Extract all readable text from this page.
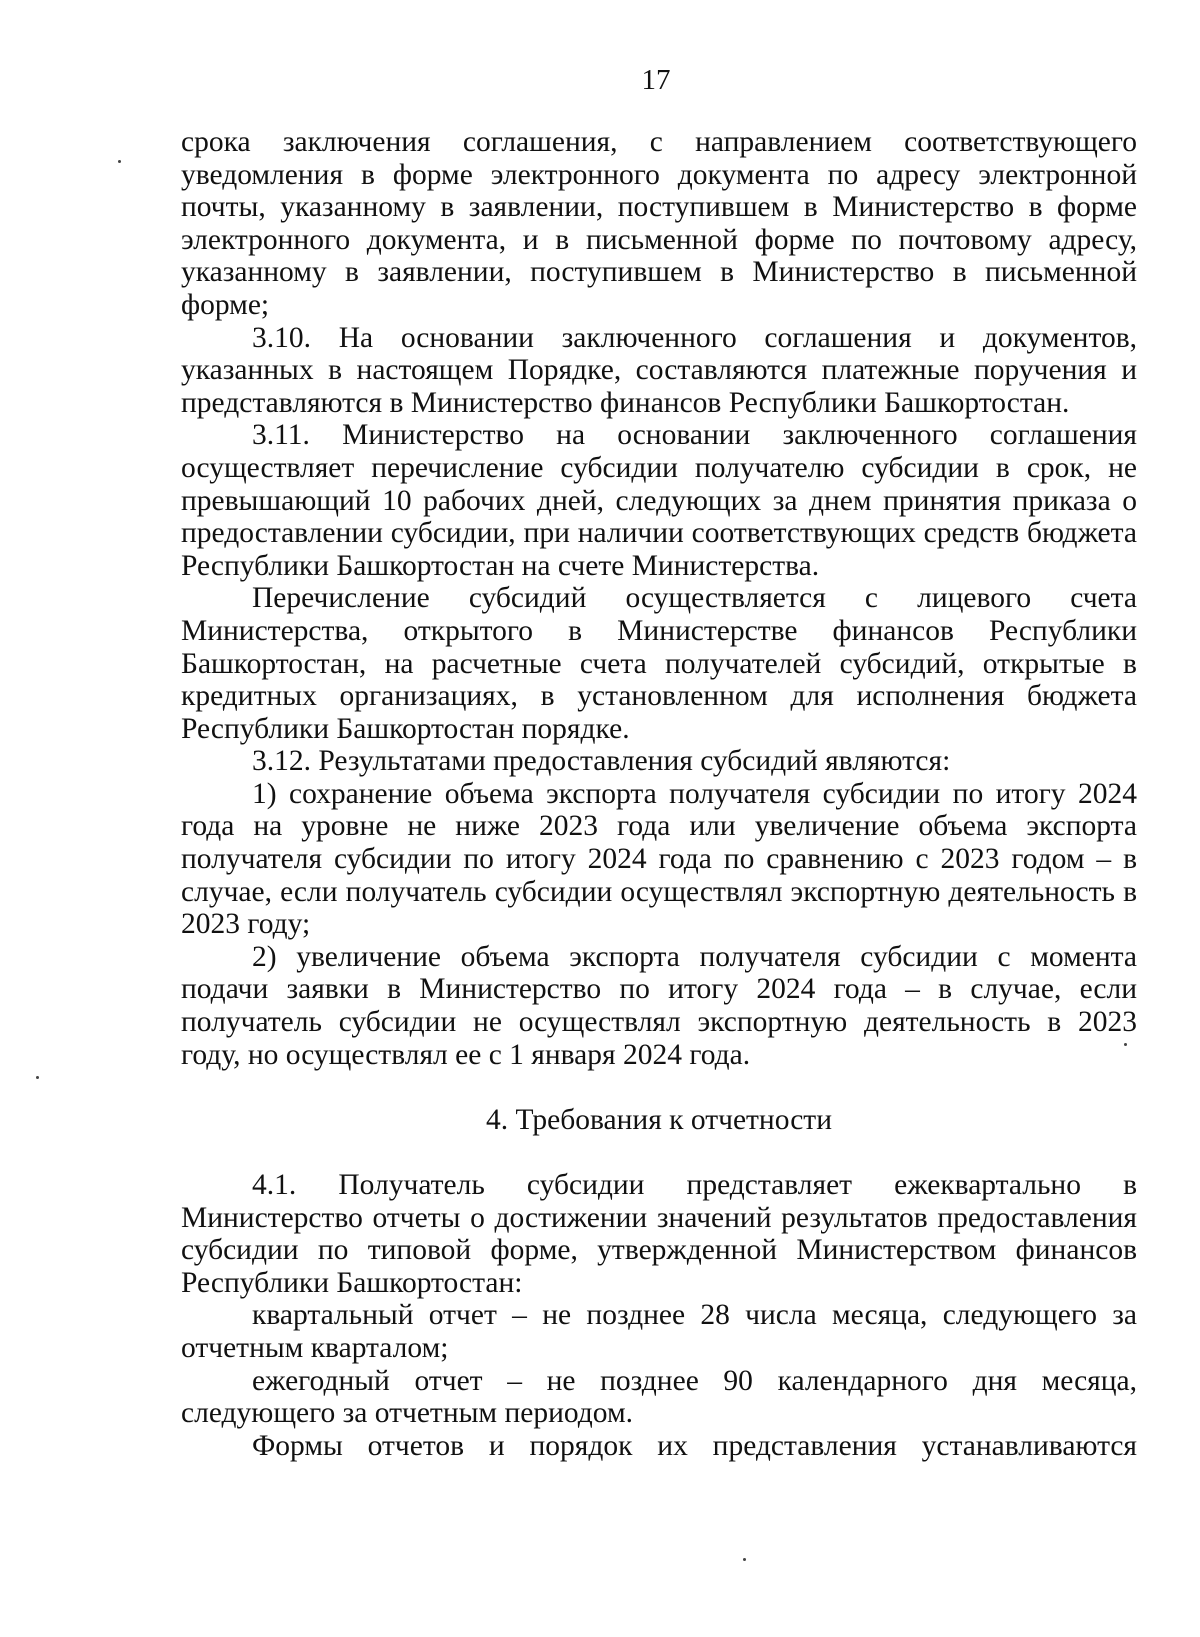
17

срока заключения соглашения, с направлением соответствующего уведомления в форме электронного документа по адресу электронной почты, указанному в заявлении, поступившем в Министерство в форме электронного документа, и в письменной форме по почтовому адресу, указанному в заявлении, поступившем в Министерство в письменной форме;

3.10. На основании заключенного соглашения и документов, указанных в настоящем Порядке, составляются платежные поручения и представляются в Министерство финансов Республики Башкортостан.

3.11. Министерство на основании заключенного соглашения осуществляет перечисление субсидии получателю субсидии в срок, не превышающий 10 рабочих дней, следующих за днем принятия приказа о предоставлении субсидии, при наличии соответствующих средств бюджета Республики Башкортостан на счете Министерства.

Перечисление субсидий осуществляется с лицевого счета Министерства, открытого в Министерстве финансов Республики Башкортостан, на расчетные счета получателей субсидий, открытые в кредитных организациях, в установленном для исполнения бюджета Республики Башкортостан порядке.

3.12. Результатами предоставления субсидий являются:

1) сохранение объема экспорта получателя субсидии по итогу 2024 года на уровне не ниже 2023 года или увеличение объема экспорта получателя субсидии по итогу 2024 года по сравнению с 2023 годом – в случае, если получатель субсидии осуществлял экспортную деятельность в 2023 году;

2) увеличение объема экспорта получателя субсидии с момента подачи заявки в Министерство по итогу 2024 года – в случае, если получатель субсидии не осуществлял экспортную деятельность в 2023 году, но осуществлял ее с 1 января 2024 года.

4. Требования к отчетности

4.1. Получатель субсидии представляет ежеквартально в Министерство отчеты о достижении значений результатов предоставления субсидии по типовой форме, утвержденной Министерством финансов Республики Башкортостан:

квартальный отчет – не позднее 28 числа месяца, следующего за отчетным кварталом;

ежегодный отчет – не позднее 90 календарного дня месяца, следующего за отчетным периодом.

Формы отчетов и порядок их представления устанавливаются
